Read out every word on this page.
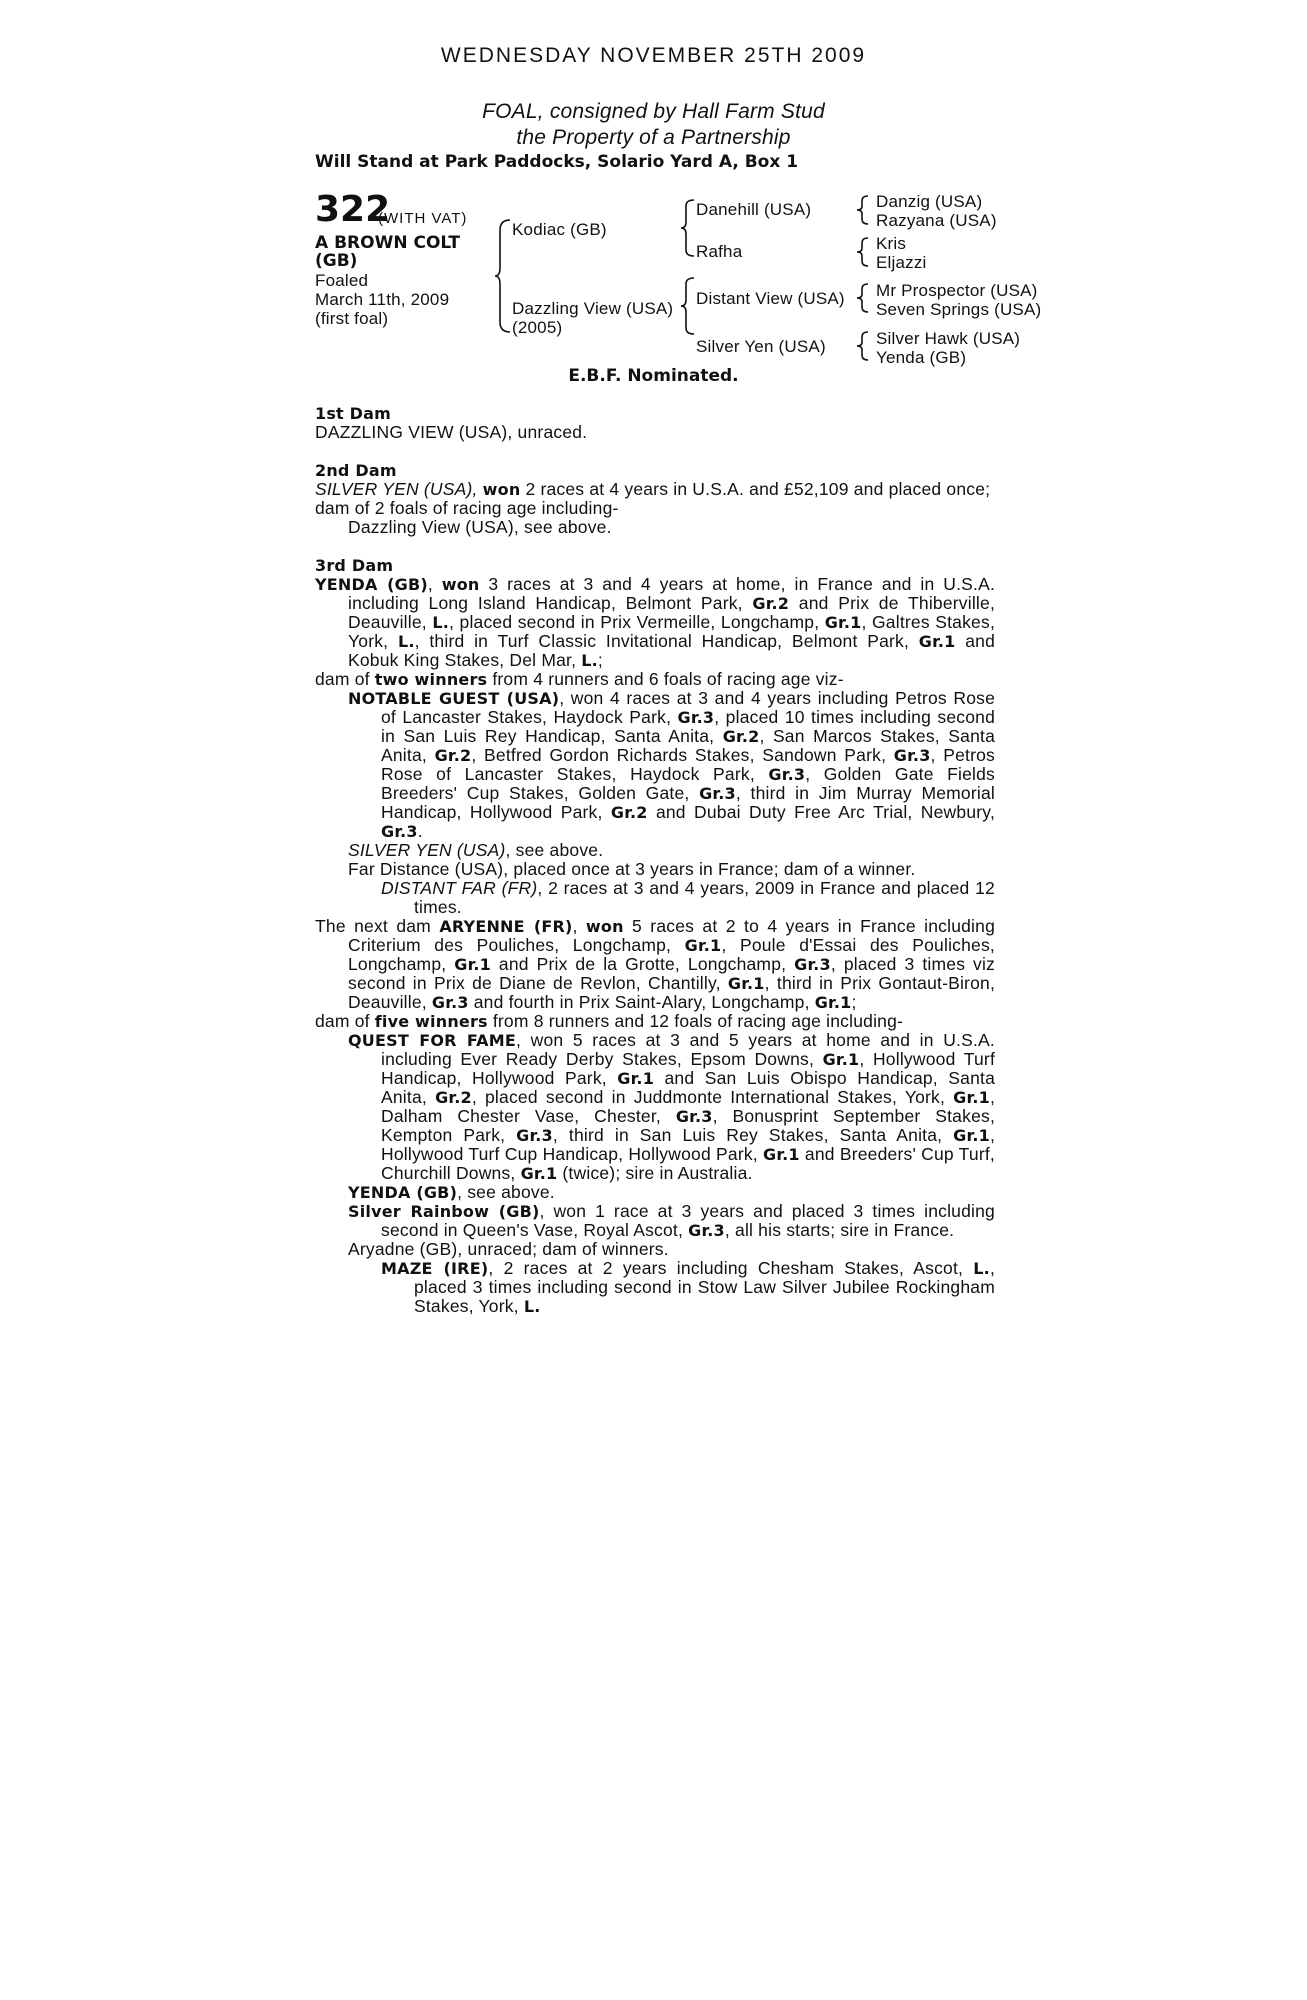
WEDNESDAY NOVEMBER 25TH 2009
FOAL, consigned by Hall Farm Stud
the Property of a Partnership
Will Stand at Park Paddocks, Solario Yard A, Box 1
322
(WITH VAT)
A BROWN COLT
(GB)
Foaled
March 11th, 2009
(first foal)
Kodiac (GB)
Dazzling View (USA)
(2005)
Danehill (USA)
Rafha
Distant View (USA)
Silver Yen (USA)
Danzig (USA)
Razyana (USA)
Kris
Eljazzi
Mr Prospector (USA)
Seven Springs (USA)
Silver Hawk (USA)
Yenda (GB)
E.B.F. Nominated.
1st Dam
DAZZLING VIEW (USA), unraced.
2nd Dam
SILVER YEN (USA), won 2 races at 4 years in U.S.A. and £52,109 and placed once;
dam of 2 foals of racing age including-
Dazzling View (USA), see above.
3rd Dam

YENDA (GB), won 3 races at 3 and 4 years at home, in France and in U.S.A. including Long Island Handicap, Belmont Park, Gr.2 and Prix de Thiberville, Deauville, L., placed second in Prix Vermeille, Longchamp, Gr.1, Galtres Stakes, York, L., third in Turf Classic Invitational Handicap, Belmont Park, Gr.1 and Kobuk King Stakes, Del Mar, L.;

dam of two winners from 4 runners and 6 foals of racing age viz-

NOTABLE GUEST (USA), won 4 races at 3 and 4 years including Petros Rose of Lancaster Stakes, Haydock Park, Gr.3, placed 10 times including second in San Luis Rey Handicap, Santa Anita, Gr.2, San Marcos Stakes, Santa Anita, Gr.2, Betfred Gordon Richards Stakes, Sandown Park, Gr.3, Petros Rose of Lancaster Stakes, Haydock Park, Gr.3, Golden Gate Fields Breeders' Cup Stakes, Golden Gate, Gr.3, third in Jim Murray Memorial Handicap, Hollywood Park, Gr.2 and Dubai Duty Free Arc Trial, Newbury, Gr.3.

SILVER YEN (USA), see above.
Far Distance (USA), placed once at 3 years in France; dam of a winner.

DISTANT FAR (FR), 2 races at 3 and 4 years, 2009 in France and placed 12 times.

The next dam ARYENNE (FR), won 5 races at 2 to 4 years in France including Criterium des Pouliches, Longchamp, Gr.1, Poule d'Essai des Pouliches, Longchamp, Gr.1 and Prix de la Grotte, Longchamp, Gr.3, placed 3 times viz second in Prix de Diane de Revlon, Chantilly, Gr.1, third in Prix Gontaut-Biron, Deauville, Gr.3 and fourth in Prix Saint-Alary, Longchamp, Gr.1;

dam of five winners from 8 runners and 12 foals of racing age including-

QUEST FOR FAME, won 5 races at 3 and 5 years at home and in U.S.A. including Ever Ready Derby Stakes, Epsom Downs, Gr.1, Hollywood Turf Handicap, Hollywood Park, Gr.1 and San Luis Obispo Handicap, Santa Anita, Gr.2, placed second in Juddmonte International Stakes, York, Gr.1, Dalham Chester Vase, Chester, Gr.3, Bonusprint September Stakes, Kempton Park, Gr.3, third in San Luis Rey Stakes, Santa Anita, Gr.1, Hollywood Turf Cup Handicap, Hollywood Park, Gr.1 and Breeders' Cup Turf, Churchill Downs, Gr.1 (twice); sire in Australia.

YENDA (GB), see above.

Silver Rainbow (GB), won 1 race at 3 years and placed 3 times including second in Queen's Vase, Royal Ascot, Gr.3, all his starts; sire in France.

Aryadne (GB), unraced; dam of winners.

MAZE (IRE), 2 races at 2 years including Chesham Stakes, Ascot, L., placed 3 times including second in Stow Law Silver Jubilee Rockingham Stakes, York, L.
